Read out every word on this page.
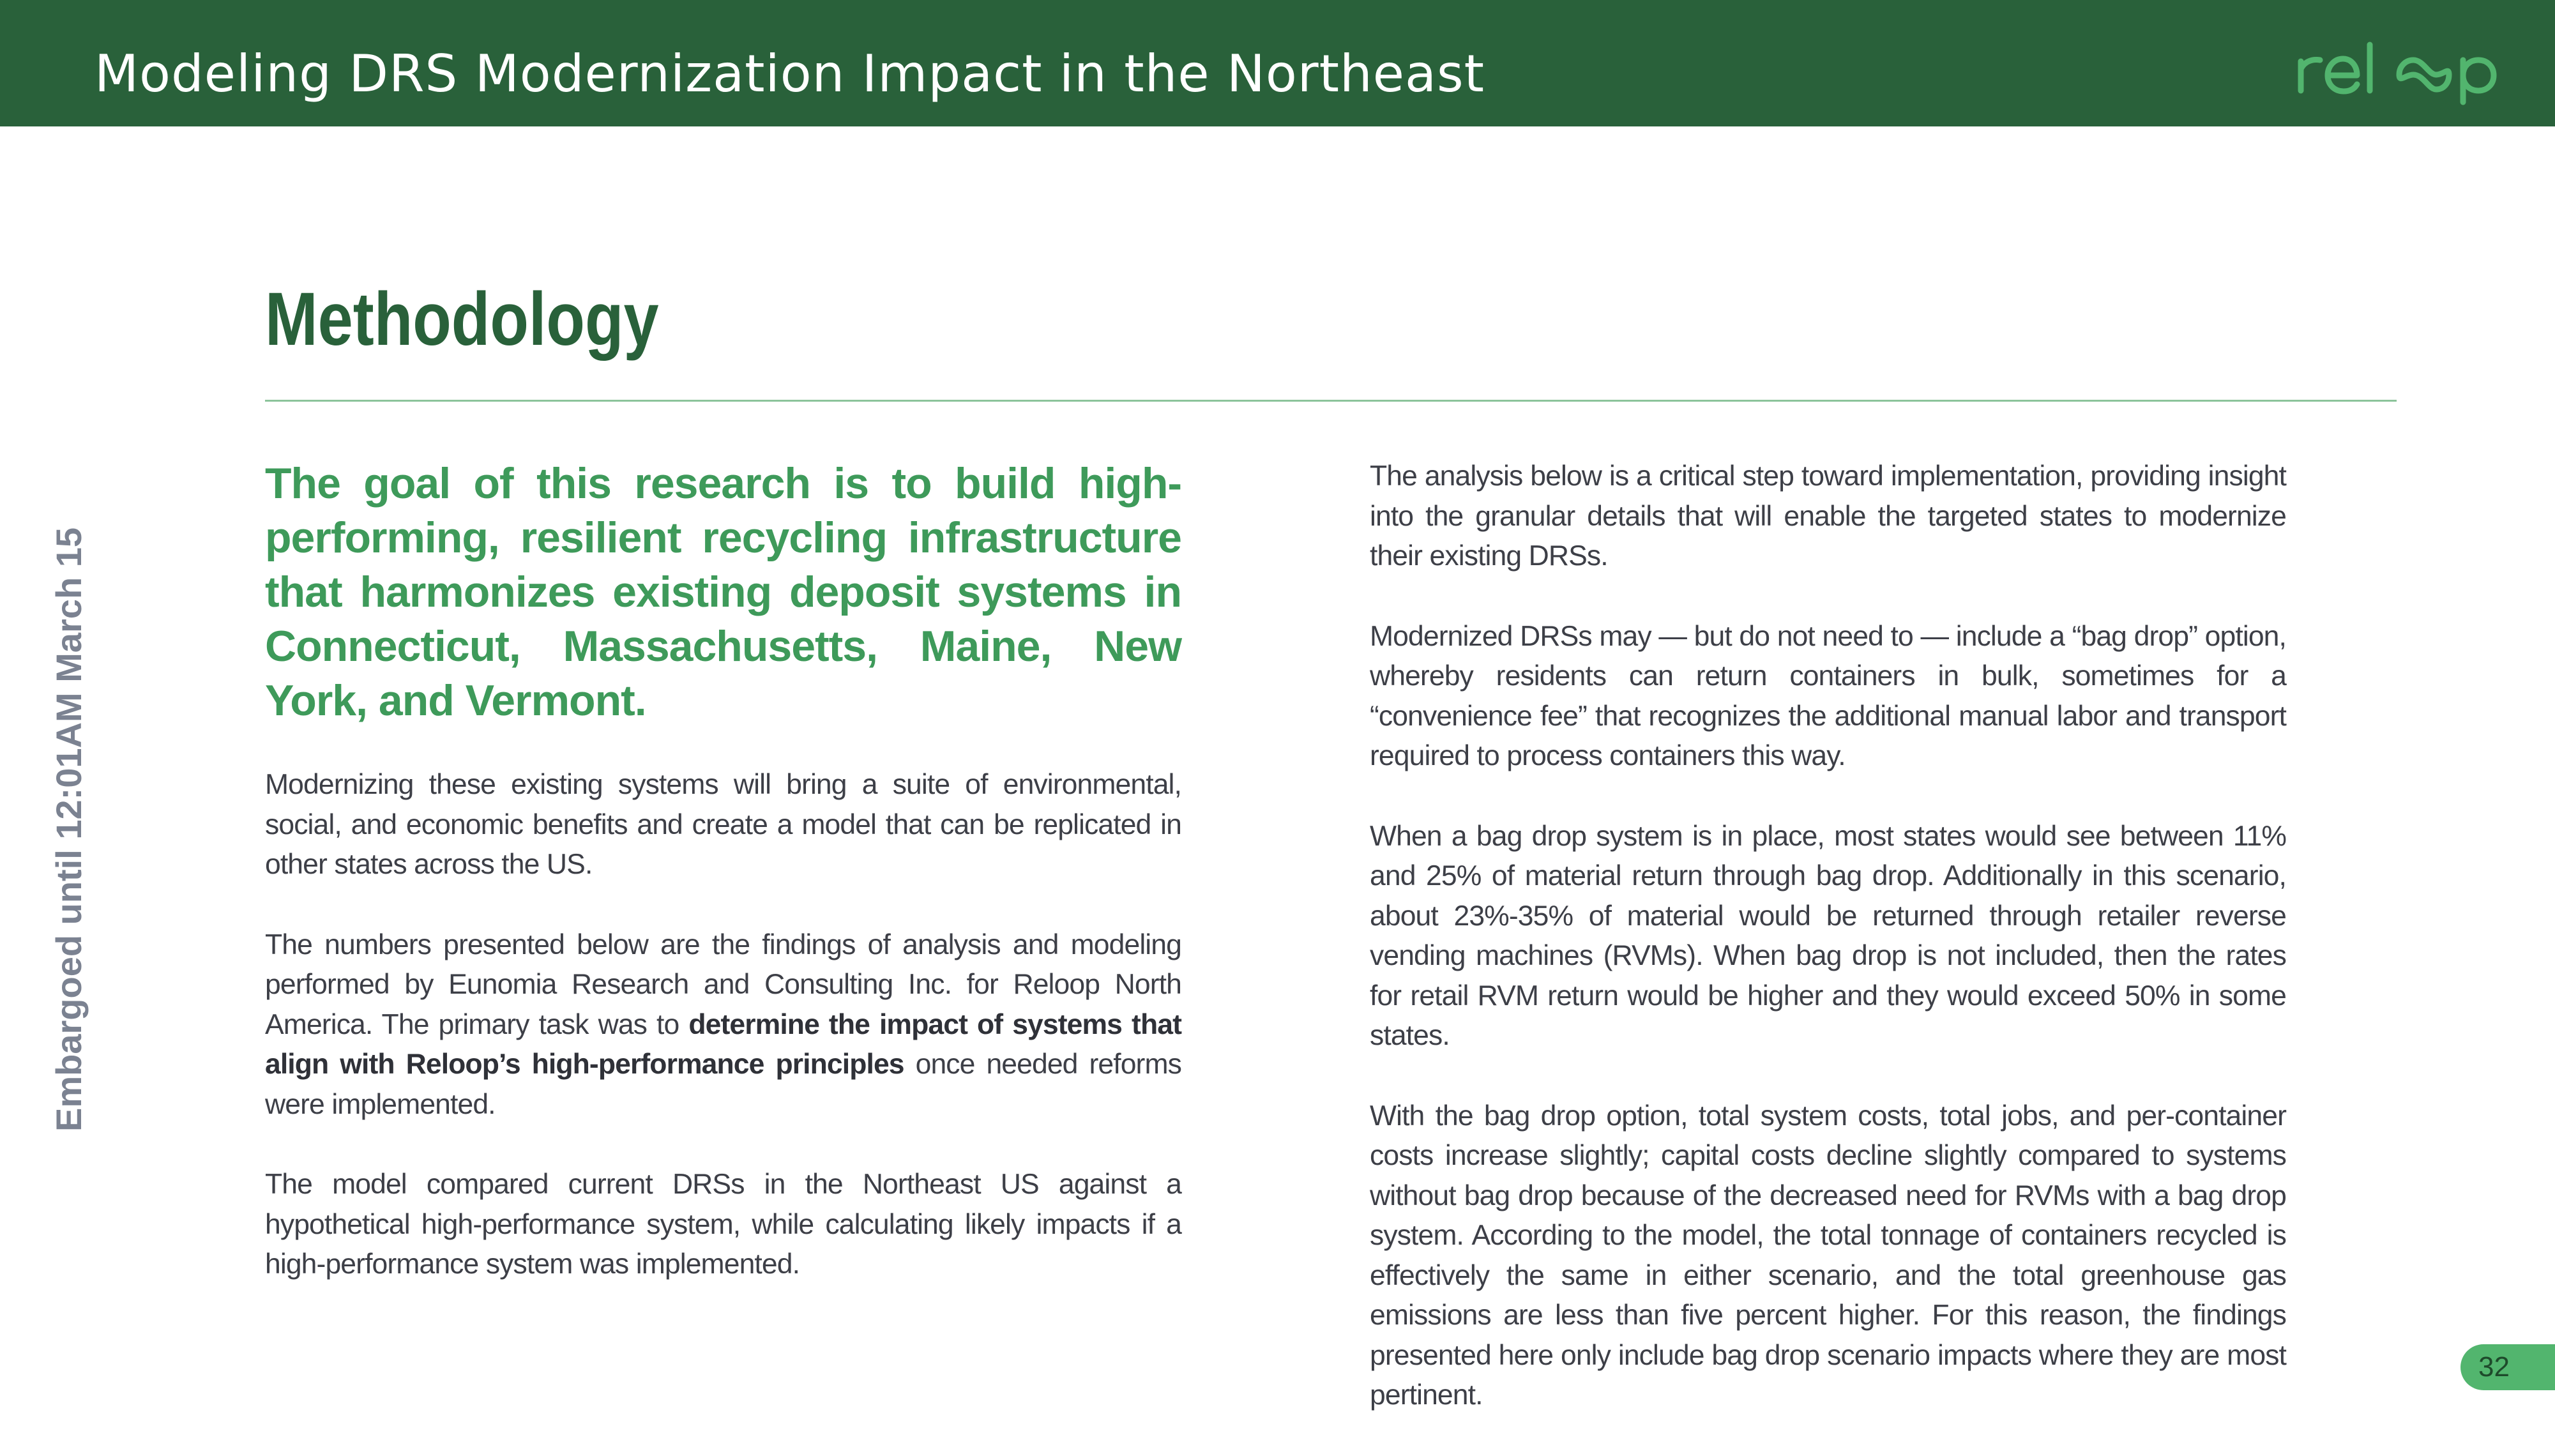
Modeling DRS Modernization Impact in the Northeast
Methodology

The goal of this research is to build high-performing, resilient recycling infrastructure that harmonizes existing deposit systems in Connecticut, Massachusetts, Maine, New York, and Vermont.

Modernizing these existing systems will bring a suite of environmental, social, and economic benefits and create a model that can be replicated in other states across the US.

The numbers presented below are the findings of analysis and modeling performed by Eunomia Research and Consulting Inc. for Reloop North America. The primary task was to determine the impact of systems that align with Reloop’s high-performance principles once needed reforms were implemented.

The model compared current DRSs in the Northeast US against a hypothetical high-performance system, while calculating likely impacts if a high-performance system was implemented.

The analysis below is a critical step toward implementation, providing insight into the granular details that will enable the targeted states to modernize their existing DRSs.

Modernized DRSs may — but do not need to — include a “bag drop” option, whereby residents can return containers in bulk, sometimes for a “convenience fee” that recognizes the additional manual labor and transport required to process containers this way.

When a bag drop system is in place, most states would see between 11% and 25% of material return through bag drop. Additionally in this scenario, about 23%-35% of material would be returned through retailer reverse vending machines (RVMs). When bag drop is not included, then the rates for retail RVM return would be higher and they would exceed 50% in some states.

With the bag drop option, total system costs, total jobs, and per-container costs increase slightly; capital costs decline slightly compared to systems without bag drop because of the decreased need for RVMs with a bag drop system. According to the model, the total tonnage of containers recycled is effectively the same in either scenario, and the total greenhouse gas emissions are less than five percent higher. For this reason, the findings presented here only include bag drop scenario impacts where they are most pertinent.

Embargoed until 12:01AM March 15
32
